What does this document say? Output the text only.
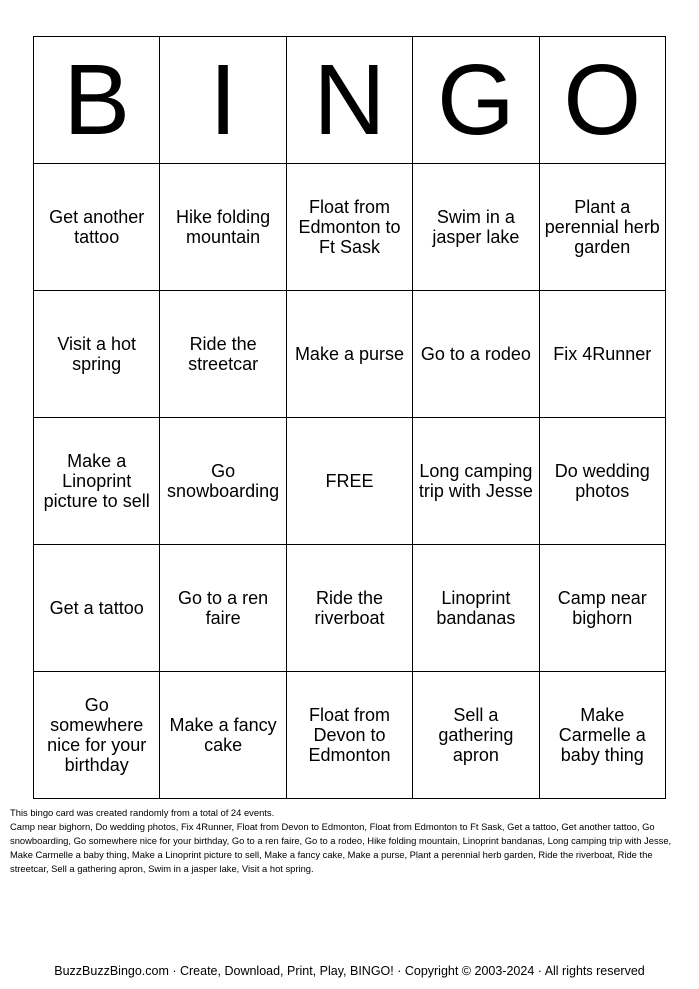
B	I	N	G	O
Get another tattoo	Hike folding mountain	Float from Edmonton to Ft Sask	Swim in a jasper lake	Plant a perennial herb garden
Visit a hot spring	Ride the streetcar	Make a purse	Go to a rodeo	Fix 4Runner
Make a Linoprint picture to sell	Go snowboarding	FREE	Long camping trip with Jesse	Do wedding photos
Get a tattoo	Go to a ren faire	Ride the riverboat	Linoprint bandanas	Camp near bighorn
Go somewhere nice for your birthday	Make a fancy cake	Float from Devon to Edmonton	Sell a gathering apron	Make Carmelle a baby thing

This bingo card was created randomly from a total of 24 events.

Camp near bighorn, Do wedding photos, Fix 4Runner, Float from Devon to Edmonton, Float from Edmonton to Ft Sask, Get a tattoo, Get another tattoo, Go snowboarding, Go somewhere nice for your birthday, Go to a ren faire, Go to a rodeo, Hike folding mountain, Linoprint bandanas, Long camping trip with Jesse, Make Carmelle a baby thing, Make a Linoprint picture to sell, Make a fancy cake, Make a purse, Plant a perennial herb garden, Ride the riverboat, Ride the streetcar, Sell a gathering apron, Swim in a jasper lake, Visit a hot spring.

BuzzBuzzBingo.com · Create, Download, Print, Play, BINGO! · Copyright © 2003-2024 · All rights reserved
